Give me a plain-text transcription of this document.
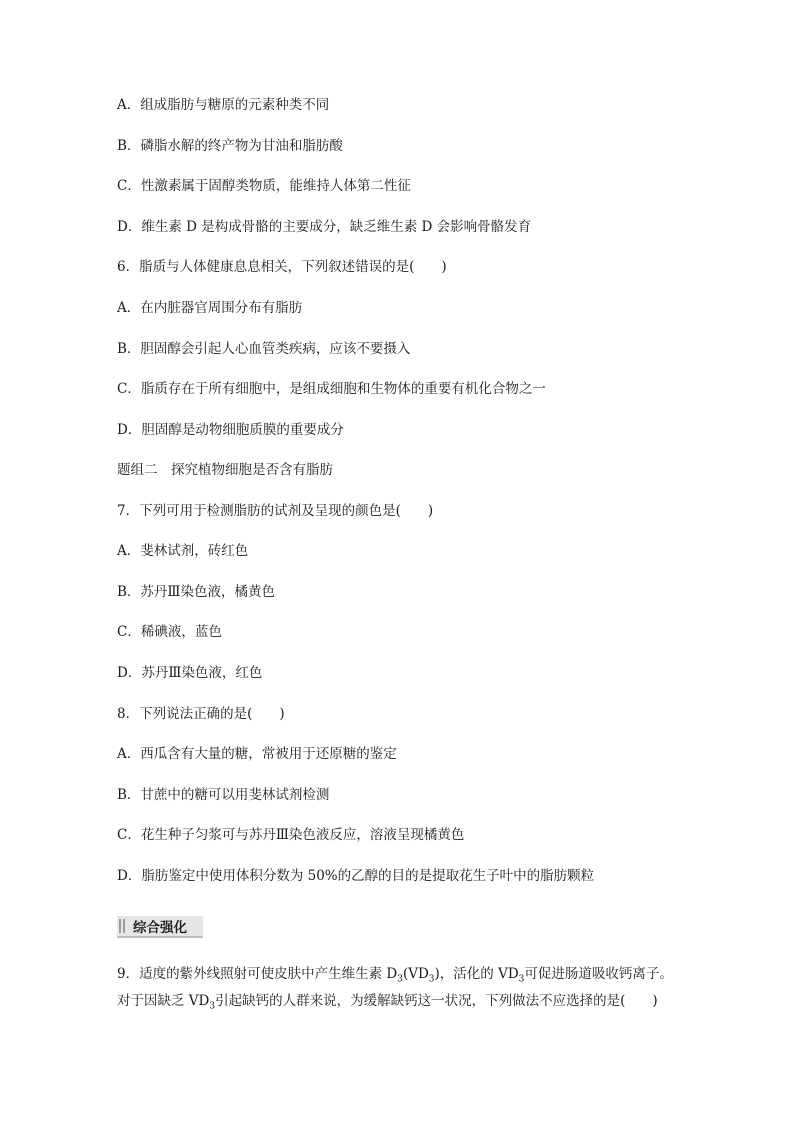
A．组成脂肪与糖原的元素种类不同
B．磷脂水解的终产物为甘油和脂肪酸
C．性激素属于固醇类物质，能维持人体第二性征
D．维生素 D 是构成骨骼的主要成分，缺乏维生素 D 会影响骨骼发育
6．脂质与人体健康息息相关，下列叙述错误的是(　　)
A．在内脏器官周围分布有脂肪
B．胆固醇会引起人心血管类疾病，应该不要摄入
C．脂质存在于所有细胞中，是组成细胞和生物体的重要有机化合物之一
D．胆固醇是动物细胞质膜的重要成分
题组二　探究植物细胞是否含有脂肪
7．下列可用于检测脂肪的试剂及呈现的颜色是(　　)
A．斐林试剂，砖红色
B．苏丹Ⅲ染色液，橘黄色
C．稀碘液，蓝色
D．苏丹Ⅲ染色液，红色
8．下列说法正确的是(　　)
A．西瓜含有大量的糖，常被用于还原糖的鉴定
B．甘蔗中的糖可以用斐林试剂检测
C．花生种子匀浆可与苏丹Ⅲ染色液反应，溶液呈现橘黄色
D．脂肪鉴定中使用体积分数为 50%的乙醇的目的是提取花生子叶中的脂肪颗粒
综合强化
9．适度的紫外线照射可使皮肤中产生维生素 $D_3(VD_3)$，活化的 $VD_3$可促进肠道吸收钙离子。
对于因缺乏 $VD_3$引起缺钙的人群来说，为缓解缺钙这一状况，下列做法不应选择的是(　　)
